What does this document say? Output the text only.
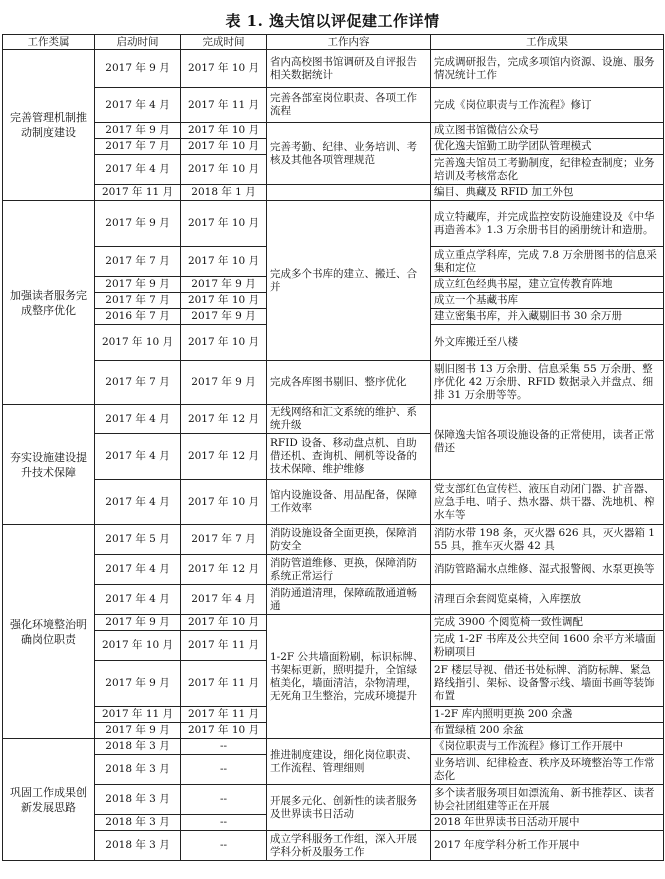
表 1. 逸夫馆以评促建工作详情
工作类属	启动时间	完成时间	工作内容	工作成果
完善管理机制推动制度建设	2017 年 9 月	2017 年 10 月	省内高校图书馆调研及自评报告相关数据统计	完成调研报告，完成多项馆内资源、设施、服务情况统计工作
	2017 年 4 月	2017 年 11 月	完善各部室岗位职责、各项工作流程	完成《岗位职责与工作流程》修订
	2017 年 9 月	2017 年 10 月	完善考勤、纪律、业务培训、考核及其他各项管理规范	成立图书馆微信公众号
	2017 年 7 月	2017 年 10 月		优化逸夫馆勤工助学团队管理模式
	2017 年 4 月	2017 年 10 月		完善逸夫馆员工考勤制度，纪律检查制度；业务培训及考核常态化
	2017 年 11 月	2018 年 1 月		编目、典藏及 RFID 加工外包
加强读者服务完成整序优化	2017 年 9 月	2017 年 10 月	完成多个书库的建立、搬迁、合并	成立特藏库，并完成监控安防设施建设及《中华再造善本》1.3 万余册书目的函册统计和造册。
	2017 年 7 月	2017 年 10 月		成立重点学科库，完成 7.8 万余册图书的信息采集和定位
	2017 年 9 月	2017 年 9 月		成立红色经典书屋，建立宣传教育阵地
	2017 年 7 月	2017 年 10 月		成立一个基藏书库
	2016 年 7 月	2017 年 9 月		建立密集书库，并入藏剔旧书 30 余万册
	2017 年 10 月	2017 年 10 月		外文库搬迁至八楼
	2017 年 7 月	2017 年 9 月	完成各库图书剔旧、整序优化	剔旧图书 13 万余册、信息采集 55 万余册、整序优化 42 万余册、RFID 数据录入并盘点、细排 31 万余册等等。
夯实设施建设提升技术保障	2017 年 4 月	2017 年 12 月	无线网络和汇文系统的维护、系统升级	保障逸夫馆各项设施设备的正常使用，读者正常借还
	2017 年 4 月	2017 年 12 月	RFID 设备、移动盘点机、自助借还机、查询机、闸机等设备的技术保障、维护维修	
	2017 年 4 月	2017 年 10 月	馆内设施设备、用品配备，保障工作效率	党支部红色宣传栏、液压自动闭门器、扩音器、应急手电、哨子、热水器、烘干器、洗地机、榨水车等
强化环境整治明确岗位职责	2017 年 5 月	2017 年 7 月	消防设施设备全面更换，保障消防安全	消防水带 198 条，灭火器 626 具，灭火器箱 155 具，推车灭火器 42 具
	2017 年 4 月	2017 年 12 月	消防管道维修、更换，保障消防系统正常运行	消防管路漏水点维修、湿式报警阀、水泵更换等
	2017 年 4 月	2017 年 4 月	消防通道清理，保障疏散通道畅通	清理百余套阅览桌椅，入库摆放
	2017 年 9 月	2017 年 10 月	1-2F 公共墙面粉刷，标识标牌、书架标更新，照明提升，全馆绿植美化，墙面清洁，杂物清理，无死角卫生整治，完成环境提升	完成 3900 个阅览椅一致性调配
	2017 年 10 月	2017 年 11 月		完成 1-2F 书库及公共空间 1600 余平方米墙面粉刷项目
	2017 年 9 月	2017 年 11 月		2F 楼层导视、借还书处标牌、消防标牌、紧急路线指引、架标、设备警示线、墙面书画等装饰布置
	2017 年 11 月	2017 年 11 月		1-2F 库内照明更换 200 余盏
	2017 年 9 月	2017 年 10 月		布置绿植 200 余盆
巩固工作成果创新发展思路	2018 年 3 月	--	推进制度建设，细化岗位职责、工作流程、管理细则	《岗位职责与工作流程》修订工作开展中
	2018 年 3 月	--		业务培训、纪律检查、秩序及环境整治等工作常态化
	2018 年 3 月	--	开展多元化、创新性的读者服务及世界读书日活动	多个读者服务项目如漂流角、新书推荐区、读者协会社团组建等正在开展
	2018 年 3 月	--		2018 年世界读书日活动开展中
	2018 年 3 月	--	成立学科服务工作组，深入开展学科分析及服务工作	2017 年度学科分析工作开展中
